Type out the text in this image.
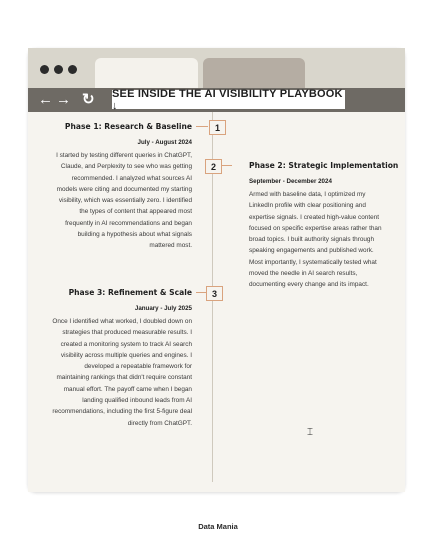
← → ↻ SEE INSIDE THE AI VISIBILITY PLAYBOOK ↓
1
Phase 1: Research & Baseline
July - August 2024
I started by testing different queries in ChatGPT, Claude, and Perplexity to see who was getting recommended. I analyzed what sources AI models were citing and documented my starting visibility, which was essentially zero. I identified the types of content that appeared most frequently in AI recommendations and began building a hypothesis about what signals mattered most.
2	Phase 2: Strategic Implementation
September - December 2024
Armed with baseline data, I optimized my LinkedIn profile with clear positioning and expertise signals. I created high-value content focused on specific expertise areas rather than broad topics. I built authority signals through speaking engagements and published work. Most importantly, I systematically tested what moved the needle in AI search results, documenting every change and its impact.
3
Phase 3: Refinement & Scale
January - July 2025
Once I identified what worked, I doubled down on strategies that produced measurable results. I created a monitoring system to track AI search visibility across multiple queries and engines. I developed a repeatable framework for maintaining rankings that didn't require constant manual effort. The payoff came when I began landing qualified inbound leads from AI recommendations, including the first 5-figure deal directly from ChatGPT.
⌶
Data Mania
